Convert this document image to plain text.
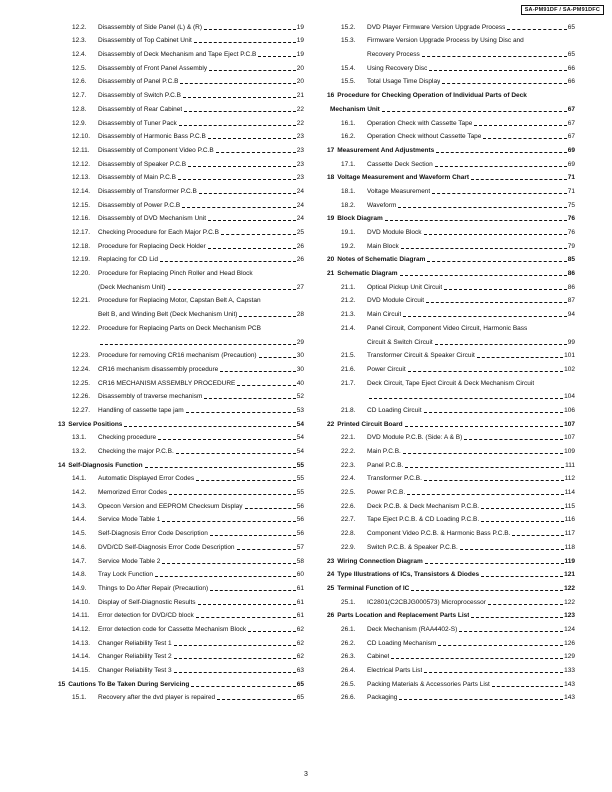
SA-PM91DF / SA-PM91DFC
12.2.	Disassembly of Side Panel (L) & (R)	19
12.3.	Disassembly of Top Cabinet Unit	19
12.4.	Disassembly of Deck Mechanism and Tape Eject P.C.B	19
12.5.	Disassembly of Front Panel Assembly	20
12.6.	Disassembly of Panel P.C.B	20
12.7.	Disassembly of Switch P.C.B	21
12.8.	Disassembly of Rear Cabinet	22
12.9.	Disassembly of Tuner Pack	22
12.10.	Disassembly of Harmonic Bass P.C.B	23
12.11.	Disassembly of Component Video P.C.B	23
12.12.	Disassembly of Speaker P.C.B	23
12.13.	Disassembly of Main P.C.B	23
12.14.	Disassembly of Transformer P.C.B	24
12.15.	Disassembly of Power P.C.B	24
12.16.	Disassembly of DVD Mechanism Unit	24
12.17.	Checking Procedure for Each Major P.C.B	25
12.18.	Procedure for Replacing Deck Holder	26
12.19.	Replacing for CD Lid	26
12.20.	Procedure for Replacing Pinch Roller and Head Block
(Deck Mechanism Unit)	27
12.21.	Procedure for Replacing Motor, Capstan Belt A, Capstan
Belt B, and Winding Belt (Deck Mechanism Unit)	28
12.22.	Procedure for Replacing Parts on Deck Mechanism PCB
29
12.23.	Procedure for removing CR16 mechanism (Precaution)	30
12.24.	CR16 mechanism disassembly procedure	30
12.25.	CR16 MECHANISM ASSEMBLY PROCEDURE	40
12.26.	Disassembly of traverse mechanism	52
12.27.	Handling of cassette tape jam	53
13 Service Positions	54
13.1.	Checking procedure	54
13.2.	Checking the major P.C.B.	54
14 Self-Diagnosis Function	55
14.1.	Automatic Displayed Error Codes	55
14.2.	Memorized Error Codes	55
14.3.	Opecon Version and EEPROM Checksum Display	56
14.4.	Service Mode Table 1	56
14.5.	Self-Diagnosis Error Code Description	56
14.6.	DVD/CD Self-Diagnosis Error Code Description	57
14.7.	Service Mode Table 2	58
14.8.	Tray Lock Function	60
14.9.	Things to Do After Repair (Precaution)	61
14.10.	Display of Self-Diagnostic Results	61
14.11.	Error detection for DVD/CD block	61
14.12.	Error detection code for Cassette Mechanism Block	62
14.13.	Changer Reliability Test 1	62
14.14.	Changer Reliability Test 2	62
14.15.	Changer Reliability Test 3	63
15 Cautions To Be Taken During Servicing	65
15.1.	Recovery after the dvd player is repaired	65
15.2.	DVD Player Firmware Version Upgrade Process	65
15.3.	Firmware Version Upgrade Process by Using Disc and
Recovery Process	65
15.4.	Using Recovery Disc	66
15.5.	Total Usage Time Display	66
16 Procedure for Checking Operation of Individual Parts of Deck
Mechanism Unit	67
16.1.	Operation Check with Cassette Tape	67
16.2.	Operation Check without Cassette Tape	67
17 Measurement And Adjustments	69
17.1.	Cassette Deck Section	69
18 Voltage Measurement and Waveform Chart	71
18.1.	Voltage Measurement	71
18.2.	Waveform	75
19 Block Diagram	76
19.1.	DVD Module Block	76
19.2.	Main Block	79
20 Notes of Schematic Diagram	85
21 Schematic Diagram	86
21.1.	Optical Pickup Unit Circuit	86
21.2.	DVD Module Circuit	87
21.3.	Main Circuit	94
21.4.	Panel Circuit, Component Video Circuit, Harmonic Bass
Circuit & Switch Circuit	99
21.5.	Transformer Circuit & Speaker Circuit	101
21.6.	Power Circuit	102
21.7.	Deck Circuit, Tape Eject Circuit & Deck Mechanism Circuit
104
21.8.	CD Loading Circuit	106
22 Printed Circuit Board	107
22.1.	DVD Module P.C.B. (Side: A & B)	107
22.2.	Main P.C.B.	109
22.3.	Panel P.C.B.	111
22.4.	Transformer P.C.B.	112
22.5.	Power P.C.B.	114
22.6.	Deck P.C.B. & Deck Mechanism P.C.B.	115
22.7.	Tape Eject P.C.B. & CD Loading P.C.B.	116
22.8.	Component Video P.C.B. & Harmonic Bass P.C.B.	117
22.9.	Switch P.C.B. & Speaker P.C.B.	118
23 Wiring Connection Diagram	119
24 Type Illustrations of ICs, Transistors & Diodes	121
25 Terminal Function of IC	122
25.1.	IC2801(C2CBJG000573) Microprocessor	122
26 Parts Location and Replacement Parts List	123
26.1.	Deck Mechanism (RAA4402-S)	124
26.2.	CD Loading Mechanism	126
26.3.	Cabinet	129
26.4.	Electrical Parts List	133
26.5.	Packing Materials & Accessories Parts List	143
26.6.	Packaging	143
3
